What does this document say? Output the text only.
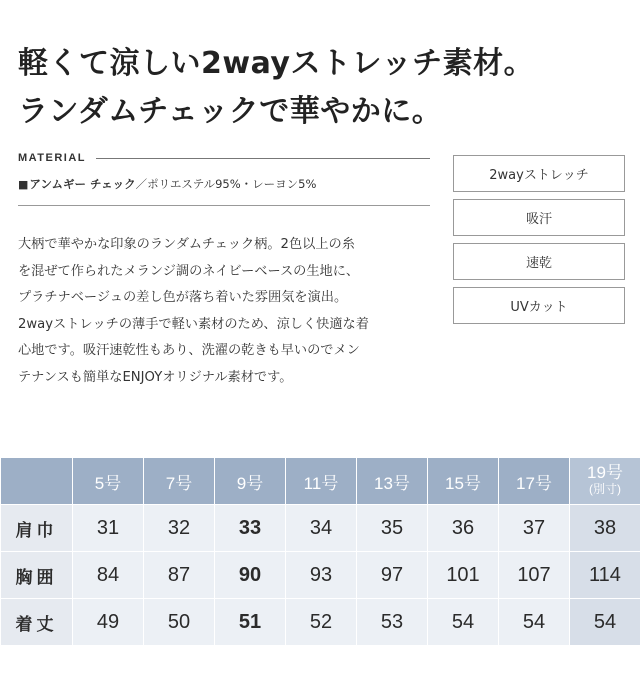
軽くて涼しい2wayストレッチ素材。
ランダムチェックで華やかに。
MATERIAL
■アンムギー チェック／ポリエステル95%・レーヨン5%
大柄で華やかな印象のランダムチェック柄。2色以上の糸
を混ぜて作られたメランジ調のネイビーベースの生地に、
プラチナベージュの差し色が落ち着いた雰囲気を演出。
2wayストレッチの薄手で軽い素材のため、涼しく快適な着
心地です。吸汗速乾性もあり、洗濯の乾きも早いのでメン
テナンスも簡単なENJOYオリジナル素材です。
2wayストレッチ
吸汗
速乾
UVカット
	5号	7号	9号	11号	13号	15号	17号	19号
(別寸)

肩巾	31	32	33	34	35	36	37	38
胸囲	84	87	90	93	97	101	107	114
着丈	49	50	51	52	53	54	54	54
